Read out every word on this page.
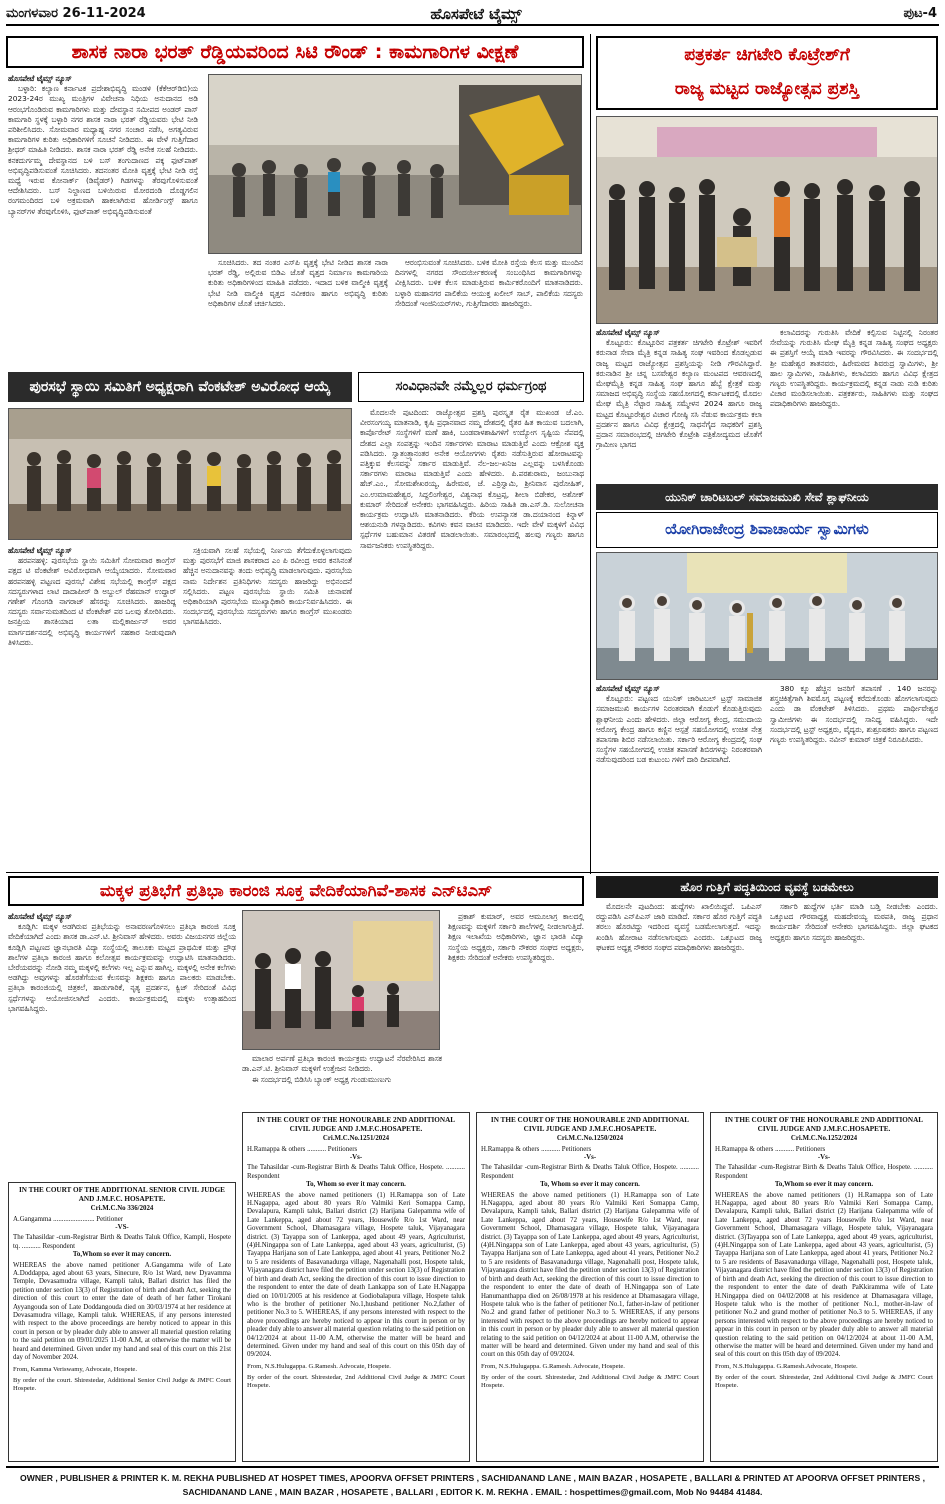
ಮಂಗಳವಾರ 26-11-2024	ಹೊಸಪೇಟೆ ಟೈಮ್ಸ್	ಪುಟ-4
ಶಾಸಕ ನಾರಾ ಭರತ್ ರೆಡ್ಡಿಯವರಿಂದ ಸಿಟಿ ರೌಂಡ್ : ಕಾಮಗಾರಿಗಳ ವೀಕ್ಷಣೆ
ಹೊಸಪೇಟೆ ಟೈಮ್ಸ್ ನ್ಯೂಸ್

ಬಳ್ಳಾರಿ: ಕಲ್ಯಾಣ ಕರ್ನಾಟಕ ಪ್ರದೇಶಾಭಿವೃದ್ಧಿ ಮಂಡಳಿ (ಕೆಕೆಆರ್‌ಡಿಬಿ)ಯ 2023-24ರ ಮುಖ್ಯ ಮಂತ್ರಿಗಳ ವಿವೇಚನಾ ನಿಧಿಯ ಅನುದಾನದ ಅಡಿ ಆರಂಭಗೊಂಡಿರುವ ಕಾಮಗಾರಿಗಳು ಮತ್ತು ದೇವಸ್ಥಾನ ಸಮೀಪದ ಅಂಡರ್ ಪಾಸ್ ಕಾಮಗಾರಿ ಸ್ಥಳಕ್ಕೆ ಬಳ್ಳಾರಿ ನಗರ ಶಾಸಕ ನಾರಾ ಭರತ್ ರೆಡ್ಡಿಯವರು ಭೇಟಿ ನೀಡಿ ಪರಿಶೀಲಿಸಿದರು. ಸೋಮವಾರ ಮಧ್ಯಾಹ್ನ ನಗರ ಸಂಚಾರ ನಡೆಸಿ, ಅಗತ್ಯವಿರುವ ಕಾಮಗಾರಿಗಳ ಕುರಿತು ಅಧಿಕಾರಿಗಳಿಗೆ ಸೂಚನೆ ನೀಡಿದರು. ಈ ವೇಳೆ ಗುತ್ತಿಗೆದಾರ ಶ್ರೀಧರ್ ಮಾಹಿತಿ ನೀಡಿದರು. ಶಾಸಕ ನಾರಾ ಭರತ್ ರೆಡ್ಡಿ ಅನೇಕ ಸಲಹೆ ನೀಡಿದರು. ಕನಕದುರ್ಗಮ್ಮ ದೇವಸ್ಥಾನದ ಬಳಿ ಬಸ್ ತಂಗುದಾಣದ ಪಕ್ಕ ಫುಟ್‌ಪಾತ್ ಅಭಿವೃದ್ಧಿಪಡಿಸುವಂತೆ ಸೂಚಿಸಿದರು. ತದನಂತರ ಮೋತಿ ವೃತ್ತಕ್ಕೆ ಭೇಟಿ ನೀಡಿ ರಸ್ತೆ ಮಧ್ಯೆ ಇರುವ ಕೋನಾರ್ಕ್ (ಡಿವೈಡರ್) ಗಿಡಗಳನ್ನು ತೆರವುಗೊಳಿಸುವಂತೆ ಆದೇಶಿಸಿದರು. ಬಸ್ ನಿಲ್ದಾಣದ ಬಳಿಯಿರುವ ಮೋರದಂಡಿ ದೊಡ್ಡಗಲಿನ ರಂಗಮಂದಿರದ ಬಳಿ ಅಕ್ರಮವಾಗಿ ಹಾಕಲಾಗಿರುವ ಹೋರ್ಡಿಂಗ್ಸ್ ಹಾಗೂ ಬ್ಯಾನರ್‌ಗಳ ತೆರವುಗೊಳಿಸಿ, ಫುಟ್‌ಪಾತ್ ಅಭಿವೃದ್ಧಿಪಡಿಸುವಂತೆ

ಸೂಚಿಸಿದರು. ತದ ನಂತರ ಎಸ್‌ಪಿ ವೃತ್ತಕ್ಕೆ ಭೇಟಿ ನೀಡಿದ ಶಾಸಕ ನಾರಾ ಭರತ್ ರೆಡ್ಡಿ, ಅಲ್ಲಿರುವ ಬಿಡಿಎ ಜೊತೆ ವೃತ್ತದ ನಿರ್ಮಾಣ ಕಾಮಗಾರಿಯ ಕುರಿತು ಅಧಿಕಾರಿಗಳಿಂದ ಮಾಹಿತಿ ಪಡೆದರು. ಇದಾದ ಬಳಿಕ ವಾಲ್ಮೀಕಿ ವೃತ್ತಕ್ಕೆ ಭೇಟಿ ನೀಡಿ ವಾಲ್ಮೀಕಿ ವೃತ್ತದ ನವೀಕರಣ ಹಾಗೂ ಅಭಿವೃದ್ಧಿ ಕುರಿತು ಅಧಿಕಾರಿಗಳ ಜೊತೆ ಚರ್ಚಿಸಿದರು.

ಆರಂಭಿಸುವಂತೆ ಸೂಚಿಸಿದರು. ಬಳಿಕ ಮೋತಿ ರಸ್ತೆಯ ಕೆಲಸ ಮತ್ತು ಮುಂದಿನ ದಿನಗಳಲ್ಲಿ ನಗರದ ಸೌಂದರ್ಯೀಕರಣಕ್ಕೆ ಸಂಬಂಧಿಸಿದ ಕಾಮಗಾರಿಗಳನ್ನು ವೀಕ್ಷಿಸಿದರು. ಬಳಿಕ ಕೆಲಸ ಮಾಡುತ್ತಿರುವ ಕಾರ್ಮಿಕರೊಂದಿಗೆ ಮಾತನಾಡಿದರು. ಬಳ್ಳಾರಿ ಮಹಾನಗರ ಪಾಲಿಕೆಯ ಆಯುಕ್ತ ಖಲೀಲ್ ಸಾಬ್, ಪಾಲಿಕೆಯ ಸದಸ್ಯರು ಸೇರಿದಂತೆ ಇಂಜಿನಿಯರ್‌ಗಳು, ಗುತ್ತಿಗೆದಾರರು ಹಾಜರಿದ್ದರು.

ಪತ್ರಕರ್ತ ಚಿಗಟೇರಿ ಕೊಟ್ರೇಶ್‌ಗೆ
ರಾಜ್ಯ ಮಟ್ಟದ ರಾಜ್ಯೋತ್ಸವ ಪ್ರಶಸ್ತಿ
ಹೊಸಪೇಟೆ ಟೈಮ್ಸ್ ನ್ಯೂಸ್

ಕೊಟ್ಟೂರು: ಕೊಟ್ಟೂರಿನ ಪತ್ರಕರ್ತ ಚಿಗಟೇರಿ ಕೊಟ್ರೇಶ್ ಇವರಿಗೆ ಕರುನಾಡ ಸೇವಾ ಮೈತ್ರಿ ಕನ್ನಡ ಸಾಹಿತ್ಯ ಸಂಘ ಇವರಿಂದ ಕೊಡಲ್ಪಡುವ ರಾಜ್ಯ ಮಟ್ಟದ ರಾಜ್ಯೋತ್ಸವ ಪ್ರಶಸ್ತಿಯನ್ನು ನೀಡಿ ಗೌರವಿಸಿದ್ದಾರೆ. ಕರುನಾಡಿನ ಶ್ರೀ ಚನ್ನ ಬಸವೇಶ್ವರ ಕಲ್ಯಾಣ ಮಂಟಪದ ಆವರಣದಲ್ಲಿ ಮೇಘಮೈತ್ರಿ ಕನ್ನಡ ಸಾಹಿತ್ಯ ಸಂಘ ಹಾಗೂ ಹೆಬ್ಬೆ ಕ್ಷೇತ್ರಕೆ ಮತ್ತು ಸಮಾಜದ ಅಭಿವೃದ್ಧಿ ಸಂಸ್ಥೆಯ ಸಹಯೋಗದಲ್ಲಿ ಕರ್ನಾಟಕದಲ್ಲಿ ಮೊದಲ ಮೇಘ ಮೈತ್ರಿ ನೆಟ್ಟಾರ ಸಾಹಿತ್ಯ ಸಮ್ಮೇಳನ 2024 ಹಾಗೂ ರಾಜ್ಯ ಮಟ್ಟದ ಕೊಟ್ಟೂರೇಶ್ವರ ವಿಚಾರ ಗೋಷ್ಠಿ ಸಸಿ ನೆಡುವ ಕಾರ್ಯಕ್ರಮ ಕಲಾ ಪ್ರದರ್ಶನ ಹಾಗೂ ವಿವಿಧ ಕ್ಷೇತ್ರದಲ್ಲಿ ಸಾಧನೆಗೈದ ಸಾಧಕರಿಗೆ ಪ್ರಶಸ್ತಿ ಪ್ರದಾನ ಸಮಾರಂಭದಲ್ಲಿ ಚಿಗಟೇರಿ ಕೊಟ್ರೇಶಿ ಪತ್ರಿಕೋದ್ಯಮದ ಜೊತೆಗೆ ಗ್ರಾಮೀಣ ಭಾಗದ

ಕಲಾವಿದರನ್ನು ಗುರುತಿಸಿ ವೇದಿಕೆ ಕಲ್ಪಿಸುವ ನಿಟ್ಟಿನಲ್ಲಿ ನಿರಂತರ ಸೇವೆಯನ್ನು ಗುರುತಿಸಿ ಮೇಘ ಮೈತ್ರಿ ಕನ್ನಡ ಸಾಹಿತ್ಯ ಸಂಘದ ಅಧ್ಯಕ್ಷರು ಈ ಪ್ರಶಸ್ತಿಗೆ ಆಯ್ಕೆ ಮಾಡಿ ಇವರನ್ನು ಗೌರವಿಸಿದರು. ಈ ಸಂದರ್ಭದಲ್ಲಿ ಶ್ರೀ ಮಹೇಶ್ವರ ತಾತನವರು, ಹಿರೇಮಠದ ಶಿವರುದ್ರ ಸ್ವಾಮಿಗಳು, ಶ್ರೀ ಹಾಲ ಸ್ವಾಮಿಗಳು, ಸಾಹಿತಿಗಳು, ಕಲಾವಿದರು ಹಾಗೂ ವಿವಿಧ ಕ್ಷೇತ್ರದ ಗಣ್ಯರು ಉಪಸ್ಥಿತರಿದ್ದರು. ಕಾರ್ಯಕ್ರಮದಲ್ಲಿ ಕನ್ನಡ ನಾಡು ನುಡಿ ಕುರಿತು ವಿಚಾರ ಮಂಡಿಸಲಾಯಿತು. ಪತ್ರಕರ್ತರು, ಸಾಹಿತಿಗಳು ಮತ್ತು ಸಂಘದ ಪದಾಧಿಕಾರಿಗಳು ಹಾಜರಿದ್ದರು.

ಪುರಸಭೆ ಸ್ಥಾಯಿ ಸಮಿತಿಗೆ ಅಧ್ಯಕ್ಷರಾಗಿ ವೆಂಕಟೇಶ್ ಅವಿರೋಧ ಆಯ್ಕೆ
ಹೊಸಪೇಟೆ ಟೈಮ್ಸ್ ನ್ಯೂಸ್

ಹರಪನಹಳ್ಳಿ: ಪುರಸಭೆಯ ಸ್ಥಾಯಿ ಸಮಿತಿಗೆ ಸೋಮವಾರ ಕಾಂಗ್ರೆಸ್ ಪಕ್ಷದ ಟಿ ವೆಂಕಟೇಶ್ ಅವಿರೋಧವಾಗಿ ಆಯ್ಕೆಯಾದರು. ಸೋಮವಾರ ಹರಪನಹಳ್ಳಿ ಪಟ್ಟಣದ ಪುರಸಭೆ ವಿಶೇಷ ಸಭೆಯಲ್ಲಿ ಕಾಂಗ್ರೆಸ್ ಪಕ್ಷದ ಸದಸ್ಯರುಗಳಾದ ಲಾಟಿ ದಾದಾಪೀರ್ ಡಿ ಅಬ್ದುಲ್ ರೆಹಮಾನ್ ಉದ್ದಾರ್ ಗಣೇಶ್ ಗೊಂಗಡಿ ನಾಗರಾಜ್ ಹೆಸರನ್ನು ಸೂಚಿಸಿದರು. ಹಾಜರಿದ್ದ ಸದಸ್ಯರು ಸರ್ವಾನುಮತದಿಂದ ಟಿ ವೆಂಕಟೇಶ್ ಪರ ಒಲವು ತೋರಿಸಿದರು. ಜನಪ್ರಿಯ ಶಾಸಕಿಯಾದ ಲತಾ ಮಲ್ಲಿಕಾರ್ಜುನ್ ಅವರ ಮಾರ್ಗದರ್ಶನದಲ್ಲಿ ಅಭಿವೃದ್ಧಿ ಕಾರ್ಯಗಳಿಗೆ ಸಹಕಾರ ನೀಡುವುದಾಗಿ ತಿಳಿಸಿದರು.

ಸಕ್ರಿಯವಾಗಿ ಸಲಹೆ ಸಭೆಯಲ್ಲಿ ನಿರ್ಣಯ ತೆಗೆದುಕೊಳ್ಳಲಾಗುವುದು ಮತ್ತು ಪುರಸಭೆಗೆ ಮಾಜಿ ಶಾಸಕರಾದ ಎಂ ಪಿ ರವೀಂದ್ರ ಅವರ ಕನಸಿನಂತೆ ಹೆಚ್ಚಿನ ಅನುದಾನವನ್ನು ತಂದು ಅಭಿವೃದ್ಧಿ ಮಾಡಲಾಗುವುದು. ಪುರಸಭೆಯ ನಾಮ ನಿರ್ದೇಶನ ಪ್ರತಿನಿಧಿಗಳು ಸದಸ್ಯರು ಹಾಜರಿದ್ದು ಅಭಿನಂದನೆ ಸಲ್ಲಿಸಿದರು. ಪಟ್ಟಣ ಪುರಸಭೆಯ ಸ್ಥಾಯಿ ಸಮಿತಿ ಚುನಾವಣೆ ಅಧಿಕಾರಿಯಾಗಿ ಪುರಸಭೆಯ ಮುಖ್ಯಾಧಿಕಾರಿ ಕಾರ್ಯನಿರ್ವಹಿಸಿದರು. ಈ ಸಂದರ್ಭದಲ್ಲಿ ಪುರಸಭೆಯ ಸದಸ್ಯರುಗಳು ಹಾಗೂ ಕಾಂಗ್ರೆಸ್ ಮುಖಂಡರು ಭಾಗವಹಿಸಿದರು.

ಸಂವಿಧಾನವೇ ನಮ್ಮೆಲ್ಲರ ಧರ್ಮಗ್ರಂಥ

ಮೊದಲನೇ ಪುಟದಿಂದ: ರಾಜ್ಯೋತ್ಸವ ಪ್ರಶಸ್ತಿ ಪುರಸ್ಕೃತ ರೈತ ಮುಖಂಡ ಜೆ.ಎಂ. ವೀರಸಂಗಯ್ಯ ಮಾತನಾಡಿ, ಕೃಷಿ ಪ್ರಧಾನವಾದ ನಮ್ಮ ದೇಶದಲ್ಲಿ ರೈತರ ಹಿತ ಕಾಯುವ ಬದಲಾಗಿ, ಕಾರ್ಪೊರೇಟ್ ಸಂಸ್ಥೆಗಳಿಗೆ ಮಣೆ ಹಾಕಿ, ಬಂಡವಾಳಶಾಹಿಗಳಿಗೆ ಉದ್ಯೋಗ ಸೃಷ್ಟಿಯ ನೆಪದಲ್ಲಿ ದೇಶದ ಎಲ್ಲಾ ಸಂಪತ್ತನ್ನು ಇಂದಿನ ಸರ್ಕಾರಗಳು ಮಾರಾಟ ಮಾಡುತ್ತಿವೆ ಎಂದು ಆಕ್ರೋಶ ವ್ಯಕ್ತ ಪಡಿಸಿದರು. ಸ್ವಾತಂತ್ರ್ಯಾನಂತರ ಅನೇಕ ಆಯೋಗಗಳು ರೈತರು ನಡೆಸುತ್ತಿರುವ ಹೋರಾಟವನ್ನು ಪತ್ತಿಕ್ಕುವ ಕೆಲಸವನ್ನು ಸರ್ಕಾರ ಮಾಡುತ್ತಿವೆ. ನೆಲ-ಜಲ-ಖನಿಜ ಎಲ್ಲವನ್ನು ಬಳಸಿಕೊಂಡು ಸರ್ಕಾರಗಳು ಮಾರಾಟ ಮಾಡುತ್ತಿವೆ ಎಂದು ಹೇಳಿದರು. ಪಿ.ಪರಶುರಾಮ, ಜಂಬುನಾಥ ಹೆಚ್.ಎಂ., ಸೋಮಶೇಖರಯ್ಯ, ಹಿರೇಮಠ, ಜೆ. ಎರ್ರಿಸ್ವಾಮಿ, ಶ್ರೀನಿವಾಸ ಪುರೋಹಿತ್, ಎಂ.ಉಮಾಮಹೇಶ್ವರ, ಸಿದ್ದಲಿಂಗೇಶ್ವರ, ವಿಶ್ವನಾಥ ಕೊಟ್ರಪ್ಪ, ಶೀಲಾ ಬಿಡೇಕರ, ಅಶೋಕ್ ಕುಮಾರ್ ಸೇರಿದಂತೆ ಅನೇಕರು ಭಾಗವಹಿಸಿದ್ದರು. ಹಿರಿಯ ಸಾಹಿತಿ ಡಾ.ಎಸ್.ಡಿ. ಸುಲೋಚನಾ ಕಾರ್ಯಕ್ರಮ ಉದ್ಘಾಟಿಸಿ ಮಾತನಾಡಿದರು. ಕೆರಿಯ ಉಪನ್ಯಾಸಕ ಡಾ.ದಯಾನಂದ ಕಿನ್ನಾಳ್ ಆಶಯನುಡಿ ಗಳನ್ನಾಡಿದರು. ಕವಿಗಳು ಕವನ ವಾಚನ ಮಾಡಿದರು. ಇದೇ ವೇಳೆ ಮಕ್ಕಳಿಗೆ ವಿವಿಧ ಸ್ಪರ್ಧೆಗಳ ಬಹುಮಾನ ವಿತರಣೆ ಮಾಡಲಾಯಿತು. ಸಮಾರಂಭದಲ್ಲಿ ಹಲವು ಗಣ್ಯರು ಹಾಗೂ ಸಾರ್ವಜನಿಕರು ಉಪಸ್ಥಿತರಿದ್ದರು.

ಯುನಿಕ್ ಚಾರಿಟಬಲ್ ಸಮಾಜಮುಖಿ ಸೇವೆ ಶ್ಲಾಘನೀಯ
ಯೋಗಿರಾಜೇಂದ್ರ ಶಿವಾಚಾರ್ಯ ಸ್ವಾಮಿಗಳು
ಹೊಸಪೇಟೆ ಟೈಮ್ಸ್ ನ್ಯೂಸ್

ಕೊಟ್ಟೂರು: ಪಟ್ಟಣದ ಯುನಿಕ್ ಚಾರಿಟಬಲ್ ಟ್ರಸ್ಟ್ ಸಾಮಾಜಿಕ ಸಮಾಜಮುಖಿ ಕಾರ್ಯಗಳ ನಿರಂತರವಾಗಿ ಕೊಡುಗೆ ಕೊಡುತ್ತಿರುವುದು ಶ್ಲಾಘನೀಯ ಎಂದು ಹೇಳಿದರು. ಜಿಲ್ಲಾ ಆರೋಗ್ಯ ಕೇಂದ್ರ, ಸಮುದಾಯ ಆರೋಗ್ಯ ಕೇಂದ್ರ ಹಾಗೂ ಕಣ್ಣಿನ ಆಸ್ಪತ್ರೆ ಸಹಯೋಗದಲ್ಲಿ ಉಚಿತ ನೇತ್ರ ತಪಾಸಣಾ ಶಿಬಿರ ನಡೆಸಲಾಯಿತು. ಸರ್ಕಾರಿ ಆರೋಗ್ಯ ಕೇಂದ್ರದಲ್ಲಿ ಸಂಘ ಸಂಸ್ಥೆಗಳ ಸಹಯೋಗದಲ್ಲಿ ಉಚಿತ ತಪಾಸಣೆ ಶಿಬಿರಗಳನ್ನು ನಿರಂತರವಾಗಿ ನಡೆಸುವುದರಿಂದ ಬಡ ಕುಟುಂಬ ಗಳಿಗೆ ದಾರಿ ದೀಪವಾಗಿದೆ.

380 ಕ್ಕೂ ಹೆಚ್ಚಿನ ಜನರಿಗೆ ತಪಾಸಣೆ . 140 ಜನರನ್ನು ಶಸ್ತ್ರಚಿಕಿತ್ಸೆಗಾಗಿ ಶಿವಮೊಗ್ಗ ಪಟ್ಟಣಕ್ಕೆ ಕರೆದುಕೊಂಡು ಹೋಗಲಾಗುವುದು ಎಂದು ಡಾ ವೆಂಕಟೇಶ್ ತಿಳಿಸಿದರು. ಪ್ರಥಮ ಪಾರ್ಥೀವೇಶ್ವರ ಸ್ವಾಮೀಜಿಗಳು ಈ ಸಂದರ್ಭದಲ್ಲಿ ಸಾನಿಧ್ಯ ವಹಿಸಿದ್ದರು. ಇದೇ ಸಂದರ್ಭದಲ್ಲಿ ಟ್ರಸ್ಟ್ ಅಧ್ಯಕ್ಷರು, ವೈದ್ಯರು, ಶುಶ್ರೂಷಕರು ಹಾಗೂ ಪಟ್ಟಣದ ಗಣ್ಯರು ಉಪಸ್ಥಿತರಿದ್ದರು. ನವೀನ್ ಕುಮಾರ್ ಚಿತ್ರಕೆ ನಿರೂಪಿಸಿದರು.

ಮಕ್ಕಳ ಪ್ರತಿಭೆಗೆ ಪ್ರತಿಭಾ ಕಾರಂಜಿ ಸೂಕ್ತ ವೇದಿಕೆಯಾಗಿವೆ-ಶಾಸಕ ಎನ್‌ಟಿಎಸ್
ಹೊಸಪೇಟೆ ಟೈಮ್ಸ್ ನ್ಯೂಸ್

ಕೂಡ್ಲಿಗಿ: ಮಕ್ಕಳ ಅಡಗಿರುವ ಪ್ರತಿಭೆಯನ್ನು ಅನಾವರಣಗೊಳಿಸಲು ಪ್ರತಿಭಾ ಕಾರಂಜಿ ಸೂಕ್ತ ವೇದಿಕೆಯಾಗಿದೆ ಎಂದು ಶಾಸಕ ಡಾ.ಎನ್.ಟಿ. ಶ್ರೀನಿವಾಸ್ ಹೇಳಿದರು. ಅವರು ವಿಜಯನಗರ ಜಿಲ್ಲೆಯ ಕೂಡ್ಲಿಗಿ ಪಟ್ಟಣದ ಜ್ಞಾನಭಾರತಿ ವಿದ್ಯಾ ಸಂಸ್ಥೆಯಲ್ಲಿ ತಾಲೂಕು ಮಟ್ಟದ ಪ್ರಾಥಮಿಕ ಮತ್ತು ಪ್ರೌಢ ಶಾಲೆಗಳ ಪ್ರತಿಭಾ ಕಾರಂಜಿ ಹಾಗೂ ಕಲೋತ್ಸವ ಕಾರ್ಯಕ್ರಮವನ್ನು ಉದ್ಘಾಟಿಸಿ ಮಾತನಾಡಿದರು. ಬೇರೆಯವರನ್ನು ನೋಡಿ ನಮ್ಮ ಮಕ್ಕಳಲ್ಲಿ ಕಲೆಗಳು ಇಲ್ಲ ಎನ್ನುವ ಹಾಗಿಲ್ಲ. ಮಕ್ಕಳಲ್ಲಿ ಅನೇಕ ಕಲೆಗಳು ಅಡಗಿದ್ದು ಅವುಗಳನ್ನು ಹೊರತೆಗೆಯುವ ಕೆಲಸವನ್ನು ಶಿಕ್ಷಕರು ಹಾಗೂ ಪಾಲಕರು ಮಾಡಬೇಕು. ಪ್ರತಿಭಾ ಕಾರಂಜಿಯಲ್ಲಿ ಚಿತ್ರಕಲೆ, ಹಾಡುಗಾರಿಕೆ, ನೃತ್ಯ ಪ್ರದರ್ಶನ, ಕ್ವಿಜ್ ಸೇರಿದಂತೆ ವಿವಿಧ ಸ್ಪರ್ಧೆಗಳನ್ನು ಆಯೋಜಿಸಲಾಗಿದೆ ಎಂದರು. ಕಾರ್ಯಕ್ರಮದಲ್ಲಿ ಮಕ್ಕಳು ಉತ್ಸಾಹದಿಂದ ಭಾಗವಹಿಸಿದ್ದರು.

ಪ್ರಕಾಶ್ ಕುಮಾರ್, ಅವರ ಆಮೂಲಾಗ್ರ ಕಾಲದಲ್ಲಿ ಶಿಕ್ಷಣವನ್ನು ಮಕ್ಕಳಿಗೆ ಸರ್ಕಾರಿ ಶಾಲೆಗಳಲ್ಲಿ ನೀಡಲಾಗುತ್ತಿದೆ. ಶಿಕ್ಷಣ ಇಲಾಖೆಯ ಅಧಿಕಾರಿಗಳು, ಜ್ಞಾನ ಭಾರತಿ ವಿದ್ಯಾ ಸಂಸ್ಥೆಯ ಅಧ್ಯಕ್ಷರು, ಸರ್ಕಾರಿ ನೌಕರರ ಸಂಘದ ಅಧ್ಯಕ್ಷರು, ಶಿಕ್ಷಕರು ಸೇರಿದಂತೆ ಅನೇಕರು ಉಪಸ್ಥಿತರಿದ್ದರು.

ಮಾಲಾರ ಅರ್ಪಣೆ ಪ್ರತಿಭಾ ಕಾರಂಜಿ ಕಾರ್ಯಕ್ರಮ ಉದ್ಘಾಟನೆ ನೆರವೇರಿಸಿದ ಶಾಸಕ ಡಾ.ಎನ್.ಟಿ. ಶ್ರೀನಿವಾಸ್ ಮಕ್ಕಳಿಗೆ ಉತ್ತೇಜನ ನೀಡಿದರು.

ಈ ಸಂದರ್ಭದಲ್ಲಿ ಬಿಡಿಸಿಸಿ ಬ್ಯಾಂಕ್ ಅಧ್ಯಕ್ಷ ಗುಂಡುಮುಣುಗು

ಹೊರ ಗುತ್ತಿಗೆ ಪದ್ಧತಿಯಿಂದ ವ್ಯವಸ್ಥೆ ಬಡಮೇಲು

ಮೊದಲನೇ ಪುಟದಿಂದ: ಹುದ್ದೆಗಳು ಖಾಲಿಯಿದ್ದವೆ. ಒಪಿಎಸ್ ರದ್ದುಪಡಿಸಿ ಎನ್‌ಪಿಎಸ್ ಜಾರಿ ಮಾಡಿದೆ. ಸರ್ಕಾರ ಹೊರ ಗುತ್ತಿಗೆ ಪದ್ಧತಿ ತರಲು ಹೊರಟಿದ್ದು ಇದರಿಂದ ವ್ಯವಸ್ಥೆ ಬಡಮೇಲಾಗುತ್ತದೆ. ಇದನ್ನು ಖಂಡಿಸಿ ಹೋರಾಟ ನಡೆಸಲಾಗುವುದು ಎಂದರು. ಒಕ್ಕೂಟದ ರಾಜ್ಯ ಘಟಕದ ಅಧ್ಯಕ್ಷ ನೌಕರರ ಸಂಘದ ಪದಾಧಿಕಾರಿಗಳು ಹಾಜರಿದ್ದರು.

ಸರ್ಕಾರಿ ಹುದ್ದೆಗಳ ಭರ್ತಿ ಮಾಡಿ ಬಡ್ತಿ ನೀಡಬೇಕು ಎಂದರು. ಒಕ್ಕೂಟದ ಗೌರವಾಧ್ಯಕ್ಷ ಮಹದೇವಯ್ಯ ಮಠಪತಿ, ರಾಜ್ಯ ಪ್ರಧಾನ ಕಾರ್ಯದರ್ಶಿ ಸೇರಿದಂತೆ ಅನೇಕರು ಭಾಗವಹಿಸಿದ್ದರು. ಜಿಲ್ಲಾ ಘಟಕದ ಅಧ್ಯಕ್ಷರು ಹಾಗೂ ಸದಸ್ಯರು ಹಾಜರಿದ್ದರು.

IN THE COURT OF THE ADDITIONAL SENIOR CIVIL JUDGE AND J.M.F.C. HOSAPETE.
Cri.M.C.No 336/2024
A.Gangamma ........................ Petitioner
-VS-
The Tahasildar -cum-Registrar Birth & Deaths Taluk Office, Kampli, Hospete tq. ........... Respondent
To,Whom so ever it may concern.
WHEREAS the above named petitioner A.Gangamma wife of Late A.Doddappa, aged about 63 years, Sinecure, R/o 1st Ward, new Dyavamma Temple, Devasamudra village, Kampli taluk, Ballari district has filed the petition under section 13(3) of Registration of birth and death Act, seeking the direction of this court to enter the date of death of her father Tirokani Ayyangouda son of Late Doddangouda died on 30/03/1974 at her residence at Devasamudra village, Kampli taluk. WHEREAS, if any persons interested with respect to the above proceedings are hereby noticed to appear in this court in person or by pleader duly able to answer all material question relating to the said petition on 09/01/2025 11-00 A.M, at otherwise the matter will be heard and determined. Given under my hand and seal of this court on this 21st day of November 2024.
From, Kamma Veriswamy, Advocate, Hospete.
By order of the court. Shirestedar, Additional Senior Civil Judge & JMFC Court Hospete.
IN THE COURT OF THE HONOURABLE 2ND ADDITIONAL CIVIL JUDGE AND J.M.F.C.HOSAPETE.
Cri.M.C.No.1251/2024
H.Ramappa & others ........... Petitioners
-Vs-
The Tahasildar -cum-Registrar Birth & Deaths Taluk Office, Hospete. ........... Respondent
To, Whom so ever it may concern.
WHEREAS the above named petitioners (1) H.Ramappa son of Late H.Nagappa, aged about 80 years R/o Valmiki Keri Somappa Camp, Devalapura, Kampli taluk, Ballari district (2) Harijana Galepamma wife of Late Lankeppa, aged about 72 years, Housewife R/o 1st Ward, near Government School, Dhamasagara village, Hospete taluk, Vijayanagara district. (3) Tayappa son of Lankeppa, aged about 49 years, Agriculturist, (4)H.Ningappa son of Late Lankeppa, aged about 43 years, agriculturist, (5) Tayappa Harijana son of Late Lankeppa, aged about 41 years, Petitioner No.2 to 5 are residents of Basavanadurga village, Nagenahalli post, Hospete taluk, Vijayanagara district have filed the petition under section 13(3) of Registration of birth and death Act, seeking the direction of this court to issue direction to the respondent to enter the date of death Lankappa son of Late H.Nagappa died on 10/01/2005 at his residence at Godiobalapura village, Hospete taluk who is the brother of petitioner No.1,husband petitioner No.2,father of petitioner No.3 to 5. WHEREAS, if any persons interested with respect to the above proceedings are hereby noticed to appear in this court in person or by pleader duly able to answer all material question relating to the said petition on 04/12/2024 at about 11-00 A.M, otherwise the matter will be heard and determined. Given under my hand and seal of this court on this 05th day of 09/2024.
From, N.S.Hulugappa. G.Ramesh. Advocate, Hospete.
By order of the court. Shirestedar, 2nd Additional Civil Judge & JMFC Court Hospete.
IN THE COURT OF THE HONOURABLE 2ND ADDITIONAL CIVIL JUDGE AND J.M.F.C.HOSAPETE.
Cri.M.C.No.1250/2024
H.Ramappa & others ........... Petitioners
-Vs-
The Tahasildar -cum-Registrar Birth & Deaths Taluk Office, Hospete. ........... Respondent
To, Whom so ever it may concern.
WHEREAS the above named petitioners (1) H.Ramappa son of Late H.Nagappa, aged about 80 years R/o Valmiki Keri Somappa Camp, Devalapura, Kampli taluk, Ballari district (2) Harijana Galepamma wife of Late Lankeppa, aged about 72 years, Housewife R/o 1st Ward, near Government School, Dhamasagara village, Hospete taluk, Vijayanagara district. (3) Tayappa son of Late Lankeppa, aged about 49 years, Agriculturist, (4)H.Ningappa son of Late Lankeppa, aged about 43 years, agriculturist, (5) Tayappa Harijana son of Late Lankeppa, aged about 41 years, Petitioner No.2 to 5 are residents of Basavanadurga village, Nagenahalli post, Hospete taluk, Vijayanagara district have filed the petition under section 13(3) of Registration of birth and death Act, seeking the direction of this court to issue direction to the respondent to enter the date of death of H.Ningappa son of Late Hanumanthappa died on 26/08/1978 at his residence at Dhamasagara village, Hospete taluk who is the father of petitioner No.1, father-in-law of petitioner No.2 and grand father of petitioner No.3 to 5. WHEREAS, if any persons interested with respect to the above proceedings are hereby noticed to appear in this court in person or by pleader duly able to answer all material question relating to the said petition on 04/12/2024 at about 11-00 A.M, otherwise the matter will be heard and determined. Given under my hand and seal of this court on this 05th day of 09/2024.
From, N.S.Hulugappa. G.Ramesh. Advocate, Hospete.
By order of the court. Shirestedar, 2nd Additional Civil Judge & JMFC Court Hospete.
IN THE COURT OF THE HONOURABLE 2ND ADDITIONAL CIVIL JUDGE AND J.M.F.C.HOSAPETE.
Cri.M.C.No.1252/2024
H.Ramappa & others ........... Petitioners
-Vs-
The Tahasildar -cum-Registrar Birth & Deaths Taluk Office, Hospete. ........... Respondent
To,Whom so ever it may concern.
WHEREAS the above named petitioners (1) H.Ramappa son of Late H.Nagappa, aged about 80 years R/o Valmiki Keri Somappa Camp, Devalapura, Kampli taluk, Ballari district (2) Harijana Galepamma wife of Late Lankeppa, aged about 72 years Housewife R/o 1st Ward, near Government School, Dhamasagara village, Hospete taluk, Vijayanagara district. (3)Tayappa son of Late Lankeppa, aged about 49 years, agriculturist, (4)H.Ningappa son of Late Lankeppa, aged about 43 years, agriculturist, (5) Tayappa Harijana son of Late Lankeppa, aged about 41 years, Petitioner No.2 to 5 are residents of Basavanadurga village, Nagenahalli post, Hospete taluk, Vijayanagara district have filed the petition under section 13(3) of Registration of birth and death Act, seeking the direction of this court to issue direction to the respondent to enter the date of death PaKkiramma wife of Late H.Ningappa died on 04/02/2008 at his residence at Dhamasagara village, Hospete taluk who is the mother of petitioner No.1, mother-in-law of petitioner No.2 and grand mother of petitioner No.3 to 5. WHEREAS, if any persons interested with respect to the above proceedings are hereby noticed to appear in this court in person or by pleader duly able to answer all material question relating to the said petition on 04/12/2024 at about 11-00 A.M, otherwise the matter will be heard and determined. Given under my hand and seal of this court on this 05th day of 09/2024.
From, N.S.Hulugappa. G.Ramesh.Advocate, Hospete.
By order of the court. Shirestedar, 2nd Additional Civil Judge & JMFC Court Hospete.
OWNER , PUBLISHER & PRINTER K. M. REKHA PUBLISHED AT HOSPET TIMES, APOORVA OFFSET PRINTERS , SACHIDANAND LANE , MAIN BAZAR , HOSAPETE , BALLARI & PRINTED AT APOORVA OFFSET PRINTERS ,
SACHIDANAND LANE , MAIN BAZAR , HOSAPETE , BALLARI , EDITOR K. M. REKHA . EMAIL : hospettimes@gmail.com, Mob No 94484 41484.
